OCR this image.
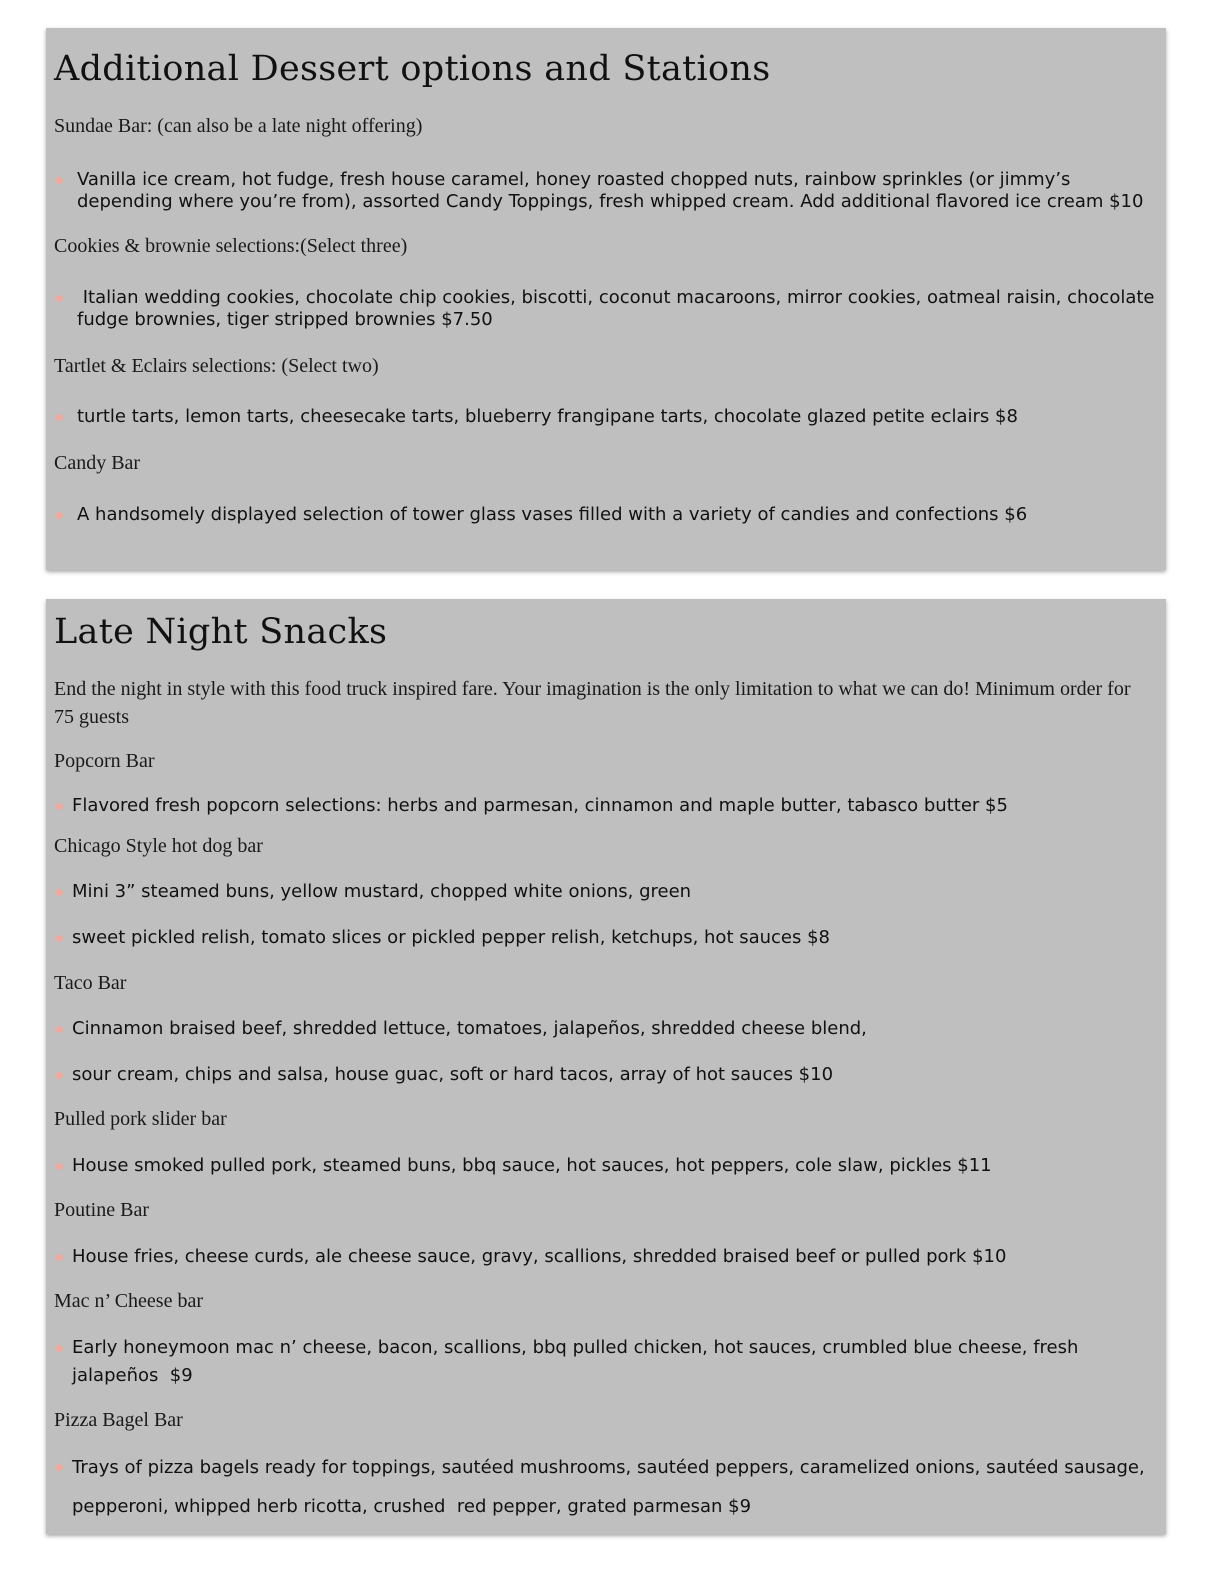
Additional Dessert options and Stations

Sundae Bar: (can also be a late night offering)

Vanilla ice cream, hot fudge, fresh house caramel, honey roasted chopped nuts, rainbow sprinkles (or jimmy’s depending where you’re from), assorted Candy Toppings, fresh whipped cream. Add additional flavored ice cream $10

Cookies & brownie selections:(Select three)

Italian wedding cookies, chocolate chip cookies, biscotti, coconut macaroons, mirror cookies, oatmeal raisin, chocolate fudge brownies, tiger stripped brownies $7.50

Tartlet & Eclairs selections: (Select two)

turtle tarts, lemon tarts, cheesecake tarts, blueberry frangipane tarts, chocolate glazed petite eclairs $8

Candy Bar

A handsomely displayed selection of tower glass vases filled with a variety of candies and confections $6

Late Night Snacks

End the night in style with this food truck inspired fare. Your imagination is the only limitation to what we can do! Minimum order for 75 guests

Popcorn Bar

Flavored fresh popcorn selections: herbs and parmesan, cinnamon and maple butter, tabasco butter $5

Chicago Style hot dog bar

Mini 3” steamed buns, yellow mustard, chopped white onions, green

sweet pickled relish, tomato slices or pickled pepper relish, ketchups, hot sauces $8

Taco Bar

Cinnamon braised beef, shredded lettuce, tomatoes, jalapeños, shredded cheese blend,

sour cream, chips and salsa, house guac, soft or hard tacos, array of hot sauces $10

Pulled pork slider bar

House smoked pulled pork, steamed buns, bbq sauce, hot sauces, hot peppers, cole slaw, pickles $11

Poutine Bar

House fries, cheese curds, ale cheese sauce, gravy, scallions, shredded braised beef or pulled pork $10

Mac n’ Cheese bar

Early honeymoon mac n’ cheese, bacon, scallions, bbq pulled chicken, hot sauces, crumbled blue cheese, fresh jalapeños  $9

Pizza Bagel Bar

Trays of pizza bagels ready for toppings, sautéed mushrooms, sautéed peppers, caramelized onions, sautéed sausage, pepperoni, whipped herb ricotta, crushed  red pepper, grated parmesan $9
